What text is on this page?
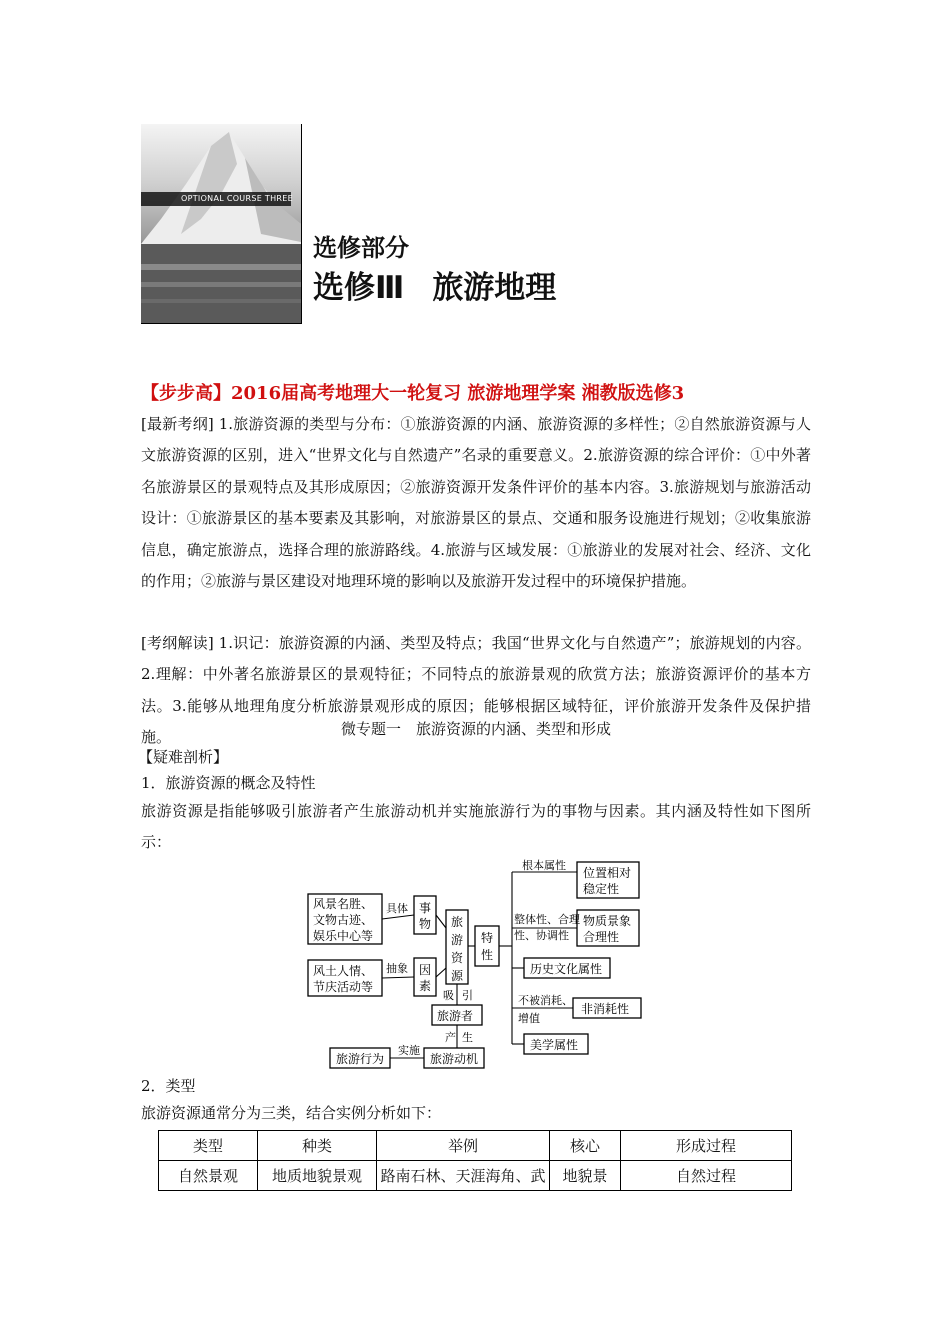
OPTIONAL COURSE THREE
选修部分
选修Ⅲ 旅游地理
【步步高】2016届高考地理大一轮复习 旅游地理学案 湘教版选修3
[最新考纲] 1.旅游资源的类型与分布：①旅游资源的内涵、旅游资源的多样性；②自然旅游资源与人文旅游资源的区别，进入“世界文化与自然遗产”名录的重要意义。2.旅游资源的综合评价：①中外著名旅游景区的景观特点及其形成原因；②旅游资源开发条件评价的基本内容。3.旅游规划与旅游活动设计：①旅游景区的基本要素及其影响，对旅游景区的景点、交通和服务设施进行规划；②收集旅游信息，确定旅游点，选择合理的旅游路线。4.旅游与区域发展：①旅游业的发展对社会、经济、文化的作用；②旅游与景区建设对地理环境的影响以及旅游开发过程中的环境保护措施。
[考纲解读] 1.识记：旅游资源的内涵、类型及特点；我国“世界文化与自然遗产”；旅游规划的内容。2.理解：中外著名旅游景区的景观特征；不同特点的旅游景观的欣赏方法；旅游资源评价的基本方法。3.能够从地理角度分析旅游景观形成的原因；能够根据区域特征，评价旅游开发条件及保护措施。	微专题一　旅游资源的内涵、类型和形成
【疑难剖析】
1．旅游资源的概念及特性
旅游资源是指能够吸引旅游者产生旅游动机并实施旅游行为的事物与因素。其内涵及特性如下图所示：
风景名胜、
文物古迹、
娱乐中心等
风土人情、
节庆活动等
具体
抽象
事
物
因
素
旅
游
资
源
特
性
吸 引
旅游者
产 生
旅游动机
实施
旅游行为
根本属性
位置相对
稳定性
整体性、合理
性、协调性
物质景象
合理性
历史文化属性
不被消耗、
增值
非消耗性
美学属性
2．类型
旅游资源通常分为三类，结合实例分析如下：
类型	种类	举例	核心	形成过程
自然景观	地质地貌景观	路南石林、天涯海角、武	地貌景	自然过程
